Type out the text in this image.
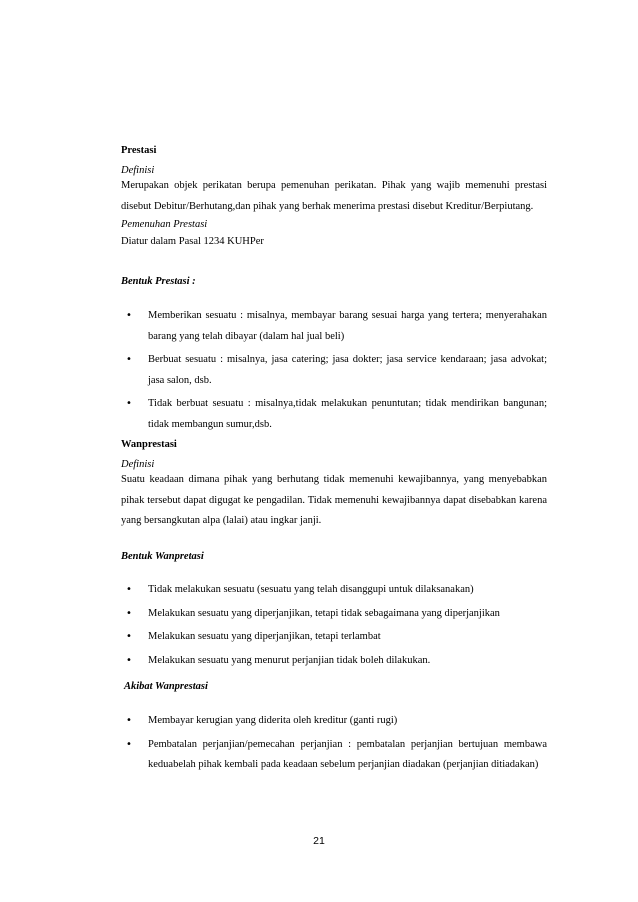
Prestasi

Definisi

Merupakan objek perikatan berupa pemenuhan perikatan. Pihak yang wajib memenuhi prestasi disebut Debitur/Berhutang,dan pihak yang berhak menerima prestasi disebut Kreditur/Berpiutang.

Pemenuhan Prestasi

Diatur dalam Pasal 1234 KUHPer

Bentuk Prestasi :

• Memberikan sesuatu : misalnya, membayar barang sesuai harga yang tertera; menyerahakan barang yang telah dibayar (dalam hal jual beli)
• Berbuat sesuatu : misalnya, jasa catering; jasa dokter; jasa service kendaraan; jasa advokat; jasa salon, dsb.
• Tidak berbuat sesuatu : misalnya,tidak melakukan penuntutan; tidak mendirikan bangunan; tidak membangun sumur,dsb.

Wanprestasi

Definisi

Suatu keadaan dimana pihak yang berhutang tidak memenuhi kewajibannya, yang menyebabkan pihak tersebut dapat digugat ke pengadilan. Tidak memenuhi kewajibannya dapat disebabkan karena yang bersangkutan alpa (lalai) atau ingkar janji.

Bentuk Wanpretasi

• Tidak melakukan sesuatu (sesuatu yang telah disanggupi untuk dilaksanakan)
• Melakukan sesuatu yang diperjanjikan, tetapi tidak sebagaimana yang diperjanjikan
• Melakukan sesuatu yang diperjanjikan, tetapi terlambat
• Melakukan sesuatu yang menurut perjanjian tidak boleh dilakukan.

Akibat Wanprestasi

• Membayar kerugian yang diderita oleh kreditur (ganti rugi)
• Pembatalan perjanjian/pemecahan perjanjian : pembatalan perjanjian bertujuan membawa keduabelah pihak kembali pada keadaan sebelum perjanjian diadakan (perjanjian ditiadakan)
21
